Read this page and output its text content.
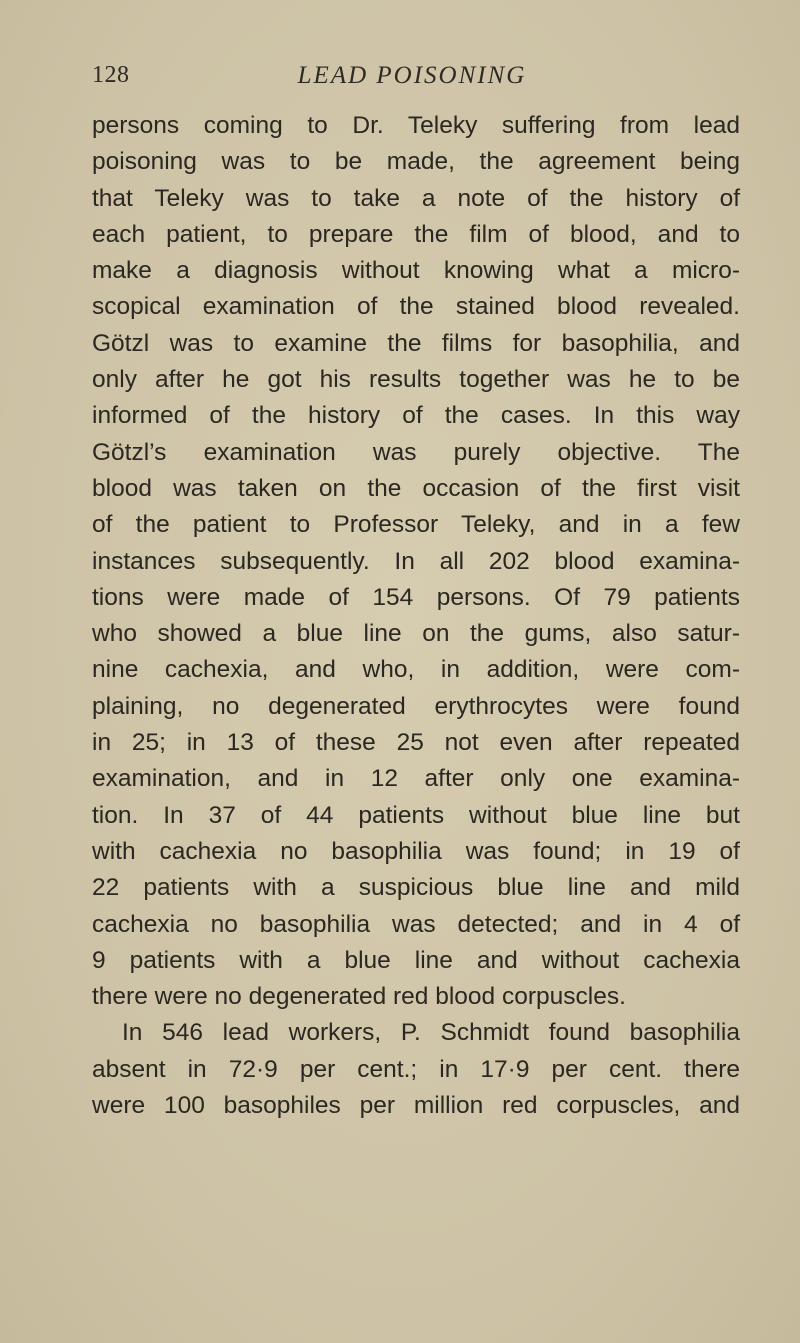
128	LEAD POISONING
persons coming to Dr. Teleky suffering from lead
poisoning was to be made, the agreement being
that Teleky was to take a note of the history of
each patient, to prepare the film of blood, and to
make a diagnosis without knowing what a micro-
scopical examination of the stained blood revealed.
Götzl was to examine the films for basophilia, and
only after he got his results together was he to be
informed of the history of the cases. In this way
Götzl’s examination was purely objective. The
blood was taken on the occasion of the first visit
of the patient to Professor Teleky, and in a few
instances subsequently. In all 202 blood examina-
tions were made of 154 persons. Of 79 patients
who showed a blue line on the gums, also satur-
nine cachexia, and who, in addition, were com-
plaining, no degenerated erythrocytes were found
in 25; in 13 of these 25 not even after repeated
examination, and in 12 after only one examina-
tion. In 37 of 44 patients without blue line but
with cachexia no basophilia was found; in 19 of
22 patients with a suspicious blue line and mild
cachexia no basophilia was detected; and in 4 of
9 patients with a blue line and without cachexia
there were no degenerated red blood corpuscles.
In 546 lead workers, P. Schmidt found basophilia
absent in 72·9 per cent.; in 17·9 per cent. there
were 100 basophiles per million red corpuscles, and
